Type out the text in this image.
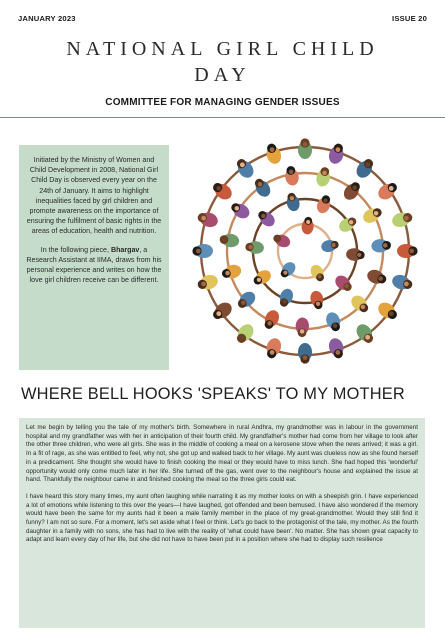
JANUARY 2023	ISSUE 20
NATIONAL GIRL CHILD
DAY
COMMITTEE FOR MANAGING GENDER ISSUES

Initiated by the Ministry of Women and Child Development in 2008, National Girl Child Day is observed every year on the 24th of January. It aims to highlight inequalities faced by girl children and promote awareness on the importance of ensuring the fulfilment of basic rights in the areas of education, health and nutrition.

In the following piece, Bhargav, a Research Assistant at IIMA, draws from his personal experience and writes on how the love girl children receive can be different.

WHERE BELL HOOKS 'SPEAKS' TO MY MOTHER

Let me begin by telling you the tale of my mother's birth. Somewhere in rural Andhra, my grandmother was in labour in the government hospital and my grandfather was with her in anticipation of their fourth child. My grandfather's mother had come from her village to look after the other three children, who were all girls. She was in the middle of cooking a meal on a kerosene stove when the news arrived; it was a girl. In a fit of rage, as she was entitled to feel, why not, she got up and walked back to her village. My aunt was clueless now as she found herself in a predicament. She thought she would have to finish cooking the meal or they would have to miss lunch. She had hoped this 'wonderful' opportunity would only come much later in her life. She turned off the gas, went over to the neighbour's house and explained the issue at hand. Thankfully the neighbour came in and finished cooking the meal so the three girls could eat.

I have heard this story many times, my aunt often laughing while narrating it as my mother looks on with a sheepish grin. I have experienced a lot of emotions while listening to this over the years—I have laughed, got offended and been bemused. I have also wondered if the memory would have been the same for my aunts had it been a male family member in the place of my great-grandmother. Would they still find it funny? I am not so sure. For a moment, let's set aside what I feel or think. Let's go back to the protagonist of the tale, my mother. As the fourth daughter in a family with no sons, she has had to live with the reality of 'what could have been'. No matter. She has shown great capacity to adapt and learn every day of her life, but she did not have to have been put in a position where she had to display such resilience
